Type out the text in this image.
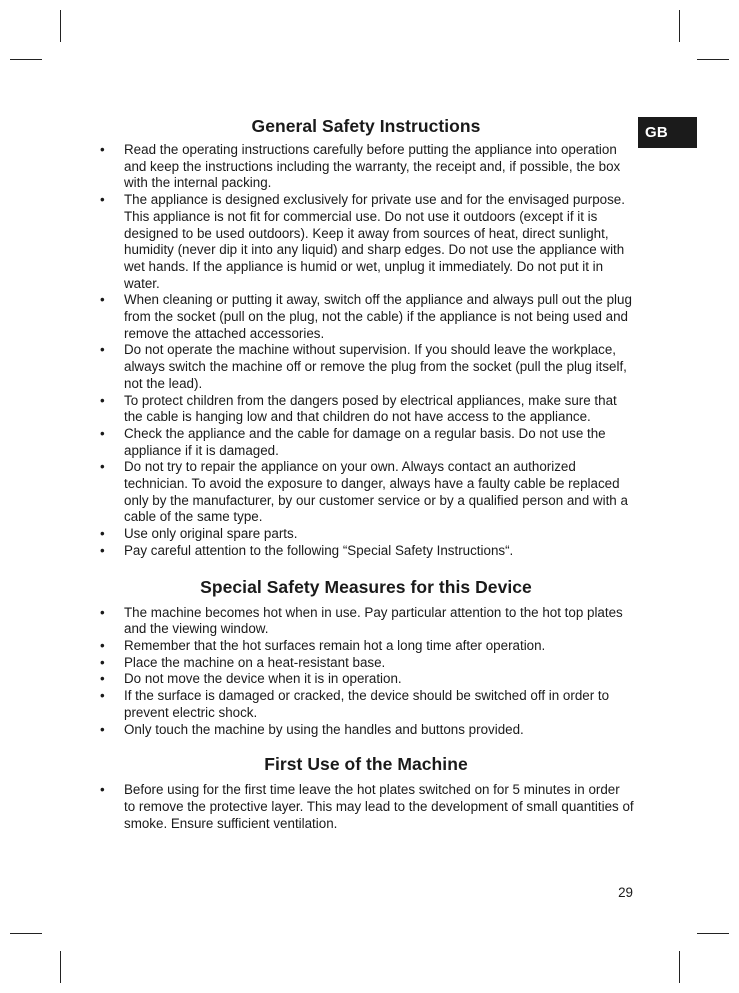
GB
General Safety Instructions
• Read the operating instructions carefully before putting the appliance into operation and keep the instructions including the warranty, the receipt and, if possible, the box with the internal packing.
• The appliance is designed exclusively for private use and for the envisaged purpose. This appliance is not fit for commercial use. Do not use it outdoors (except if it is designed to be used outdoors). Keep it away from sources of heat, direct sunlight, humidity (never dip it into any liquid) and sharp edges. Do not use the appliance with wet hands. If the appliance is humid or wet, unplug it immediately. Do not put it in water.
• When cleaning or putting it away, switch off the appliance and always pull out the plug from the socket (pull on the plug, not the cable) if the appliance is not being used and remove the attached accessories.
• Do not operate the machine without supervision. If you should leave the workplace, always switch the machine off or remove the plug from the socket (pull the plug itself, not the lead).
• To protect children from the dangers posed by electrical appliances, make sure that the cable is hanging low and that children do not have access to the appliance.
• Check the appliance and the cable for damage on a regular basis. Do not use the appliance if it is damaged.
• Do not try to repair the appliance on your own. Always contact an authorized technician. To avoid the exposure to danger, always have a faulty cable be replaced only by the manufacturer, by our customer service or by a qualified person and with a cable of the same type.
• Use only original spare parts.
• Pay careful attention to the following “Special Safety Instructions“.
Special Safety Measures for this Device
• The machine becomes hot when in use. Pay particular attention to the hot top plates and the viewing window.
• Remember that the hot surfaces remain hot a long time after operation.
• Place the machine on a heat-resistant base.
• Do not move the device when it is in operation.
• If the surface is damaged or cracked, the device should be switched off in order to prevent electric shock.
• Only touch the machine by using the handles and buttons provided.
First Use of the Machine
• Before using for the first time leave the hot plates switched on for 5 minutes in order to remove the protective layer. This may lead to the development of small quantities of smoke. Ensure sufficient ventilation.
29
